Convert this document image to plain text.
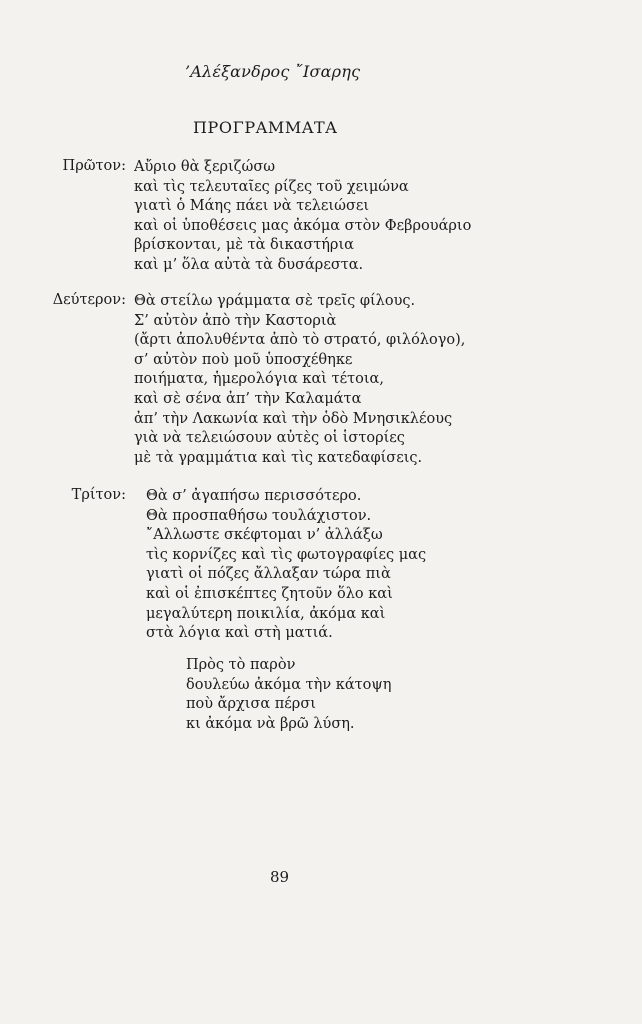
’Αλέξανδρος ῎Ισαρης
ΠΡΟΓΡΑΜΜΑΤΑ
Πρῶτον: Αὔριο θὰ ξεριζώσω
καὶ τὶς τελευταῖες ρίζες τοῦ χειμώνα
γιατὶ ὁ Μάης πάει νὰ τελειώσει
καὶ οἱ ὑποθέσεις μας ἀκόμα στὸν Φεβρουάριο
βρίσκονται, μὲ τὰ δικαστήρια
καὶ μ’ ὅλα αὐτὰ τὰ δυσάρεστα.
Δεύτερον: Θὰ στείλω γράμματα σὲ τρεῖς φίλους.
Σ’ αὐτὸν ἀπὸ τὴν Καστοριὰ
(ἄρτι ἀπολυθέντα ἀπὸ τὸ στρατό, φιλόλογο),
σ’ αὐτὸν ποὺ μοῦ ὑποσχέθηκε
ποιήματα, ἡμερολόγια καὶ τέτοια,
καὶ σὲ σένα ἀπ’ τὴν Καλαμάτα
ἀπ’ τὴν Λακωνία καὶ τὴν ὁδὸ Μνησικλέους
γιὰ νὰ τελειώσουν αὐτὲς οἱ ἱστορίες
μὲ τὰ γραμμάτια καὶ τὶς κατεδαφίσεις.
Τρίτον: Θὰ σ’ ἀγαπήσω περισσότερο.
Θὰ προσπαθήσω τουλάχιστον.
῎Αλλωστε σκέφτομαι ν’ ἀλλάξω
τὶς κορνίζες καὶ τὶς φωτογραφίες μας
γιατὶ οἱ πόζες ἄλλαξαν τώρα πιὰ
καὶ οἱ ἐπισκέπτες ζητοῦν ὅλο καὶ
μεγαλύτερη ποικιλία, ἀκόμα καὶ
στὰ λόγια καὶ στὴ ματιά.
Πρὸς τὸ παρὸν
δουλεύω ἀκόμα τὴν κάτοψη
ποὺ ἄρχισα πέρσι
κι ἀκόμα νὰ βρῶ λύση.
89
